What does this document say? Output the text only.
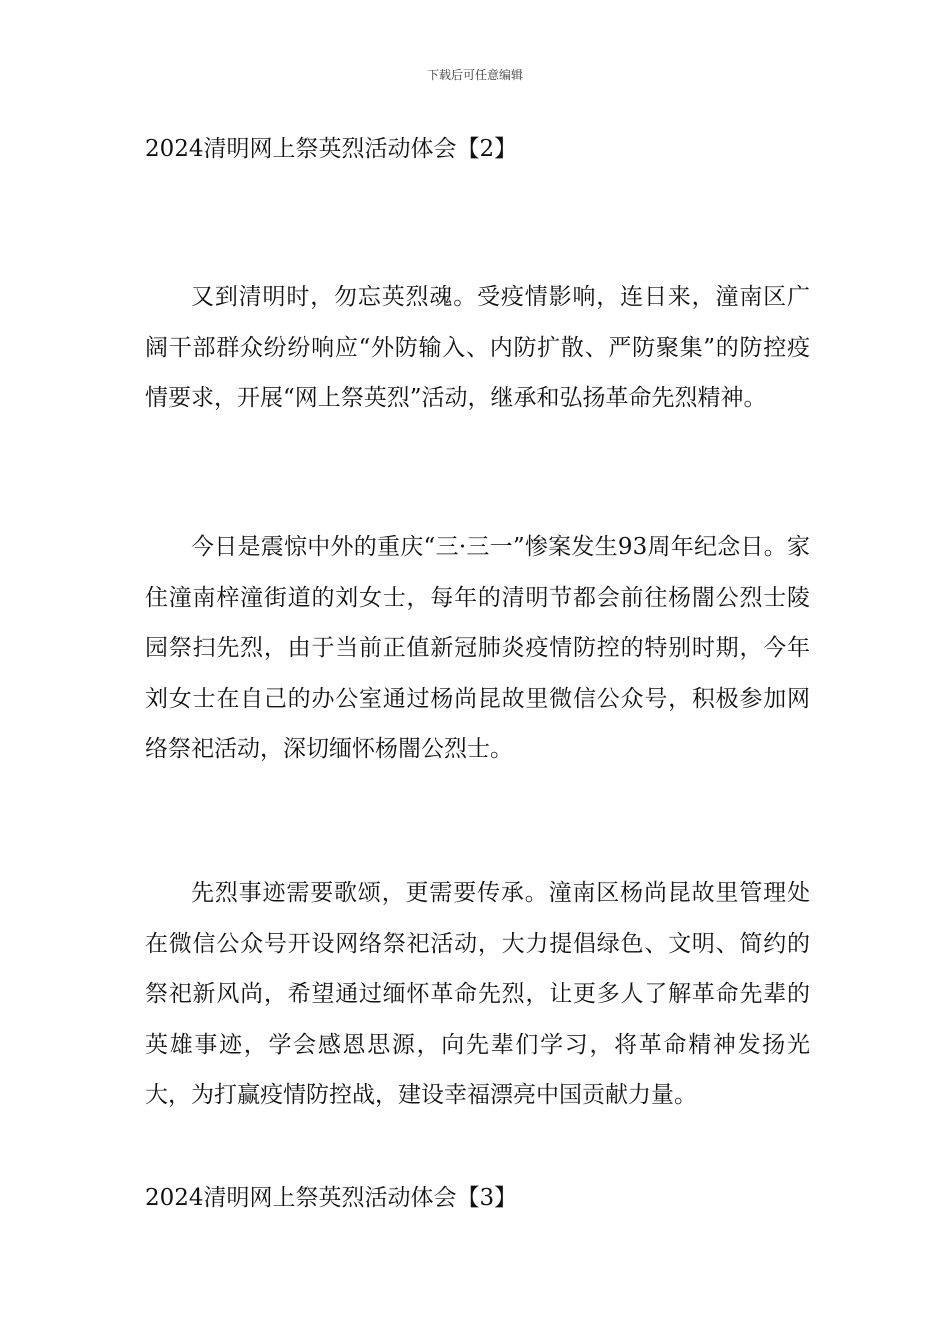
下载后可任意编辑
2024清明网上祭英烈活动体会【2】

又到清明时，勿忘英烈魂。受疫情影响，连日来，潼南区广阔干部群众纷纷响应“外防输入、内防扩散、严防聚集”的防控疫情要求，开展“网上祭英烈”活动，继承和弘扬革命先烈精神。

今日是震惊中外的重庆“三·三一”惨案发生93周年纪念日。家住潼南梓潼街道的刘女士，每年的清明节都会前往杨闇公烈士陵园祭扫先烈，由于当前正值新冠肺炎疫情防控的特别时期，今年刘女士在自己的办公室通过杨尚昆故里微信公众号，积极参加网络祭祀活动，深切缅怀杨闇公烈士。

先烈事迹需要歌颂，更需要传承。潼南区杨尚昆故里管理处在微信公众号开设网络祭祀活动，大力提倡绿色、文明、简约的祭祀新风尚，希望通过缅怀革命先烈，让更多人了解革命先辈的英雄事迹，学会感恩思源，向先辈们学习，将革命精神发扬光大，为打赢疫情防控战，建设幸福漂亮中国贡献力量。

2024清明网上祭英烈活动体会【3】
